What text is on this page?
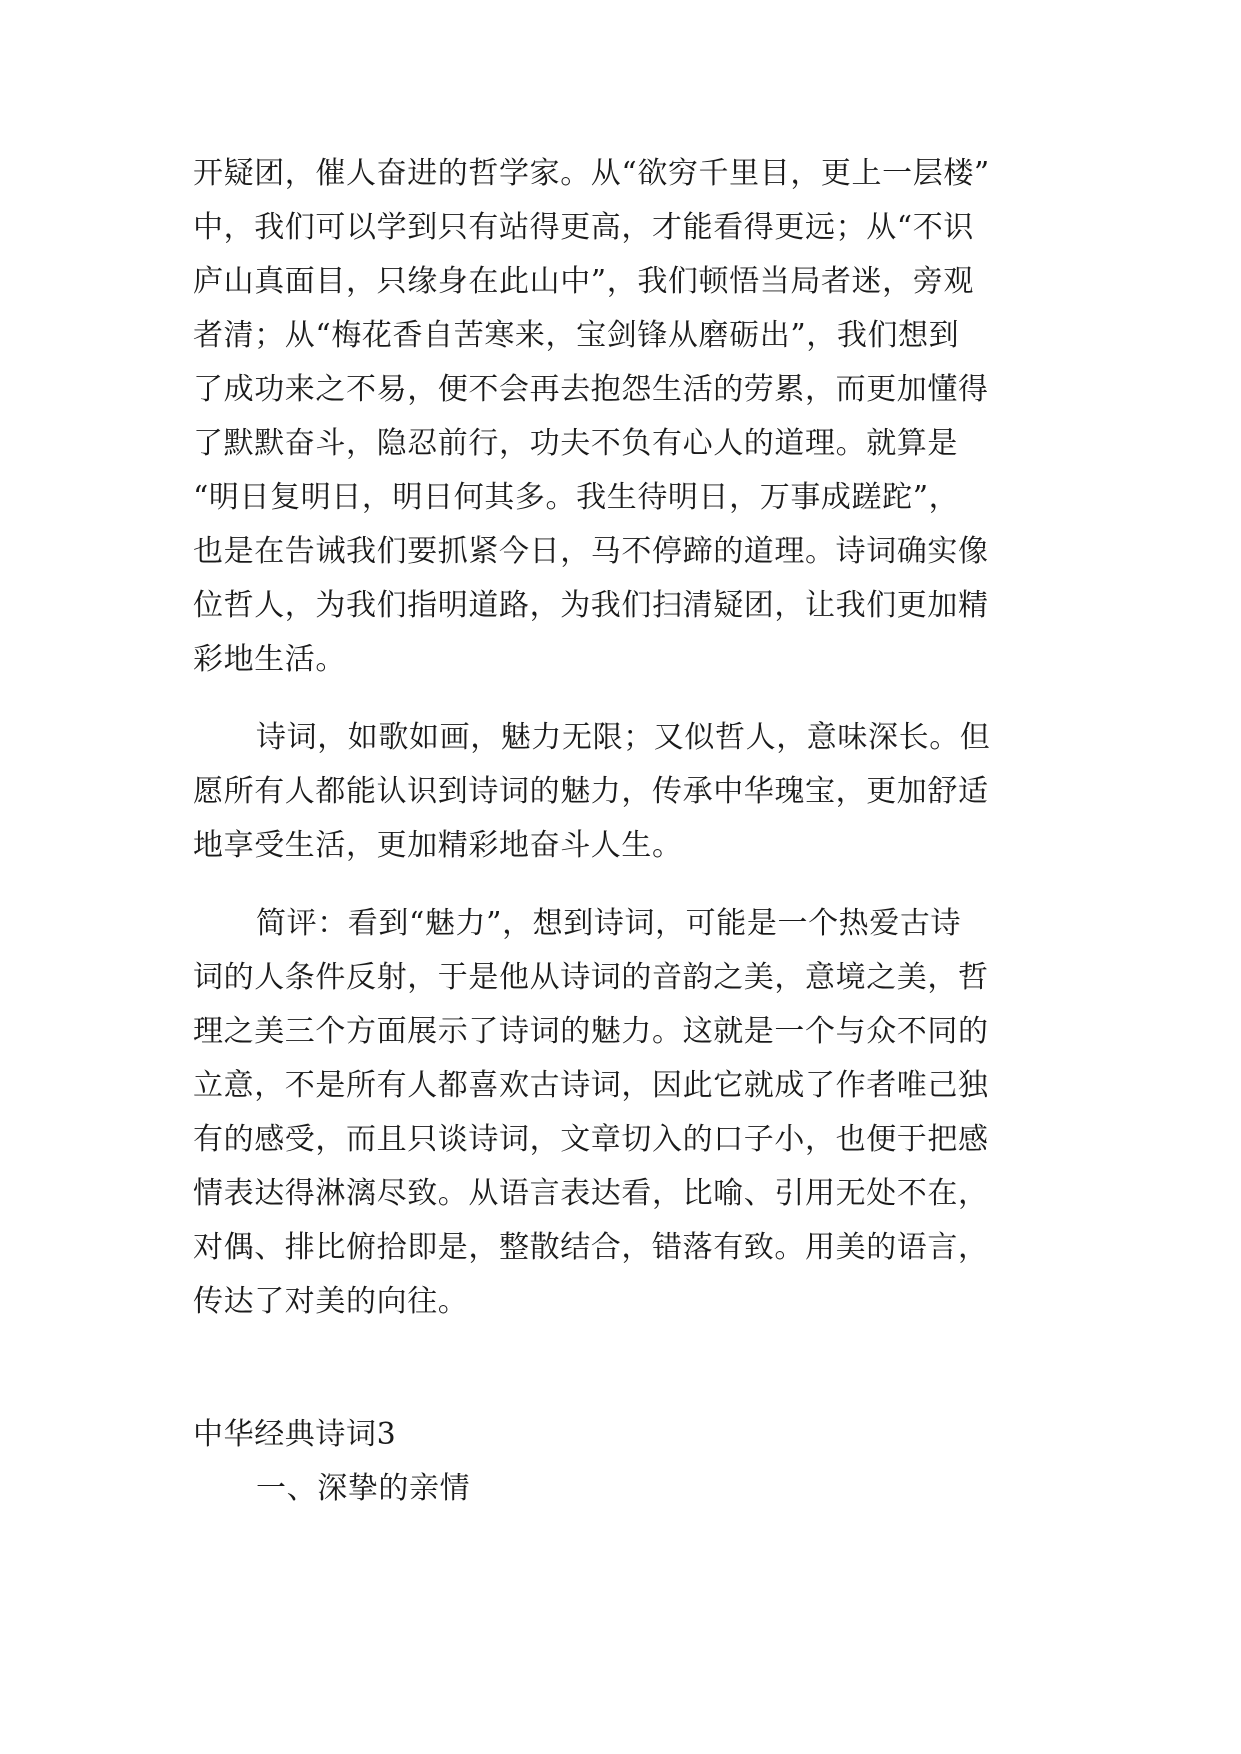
开疑团，催人奋进的哲学家。从“欲穷千里目，更上一层楼”
中，我们可以学到只有站得更高，才能看得更远；从“不识
庐山真面目，只缘身在此山中”，我们顿悟当局者迷，旁观
者清；从“梅花香自苦寒来，宝剑锋从磨砺出”，我们想到
了成功来之不易，便不会再去抱怨生活的劳累，而更加懂得
了默默奋斗，隐忍前行，功夫不负有心人的道理。就算是
“明日复明日，明日何其多。我生待明日，万事成蹉跎”，
也是在告诫我们要抓紧今日，马不停蹄的道理。诗词确实像
位哲人，为我们指明道路，为我们扫清疑团，让我们更加精
彩地生活。
诗词，如歌如画，魅力无限；又似哲人，意味深长。但
愿所有人都能认识到诗词的魅力，传承中华瑰宝，更加舒适
地享受生活，更加精彩地奋斗人生。
简评：看到“魅力”，想到诗词，可能是一个热爱古诗
词的人条件反射，于是他从诗词的音韵之美，意境之美，哲
理之美三个方面展示了诗词的魅力。这就是一个与众不同的
立意，不是所有人都喜欢古诗词，因此它就成了作者唯己独
有的感受，而且只谈诗词，文章切入的口子小，也便于把感
情表达得淋漓尽致。从语言表达看，比喻、引用无处不在，
对偶、排比俯拾即是，整散结合，错落有致。用美的语言，
传达了对美的向往。
中华经典诗词3
一、深挚的亲情
